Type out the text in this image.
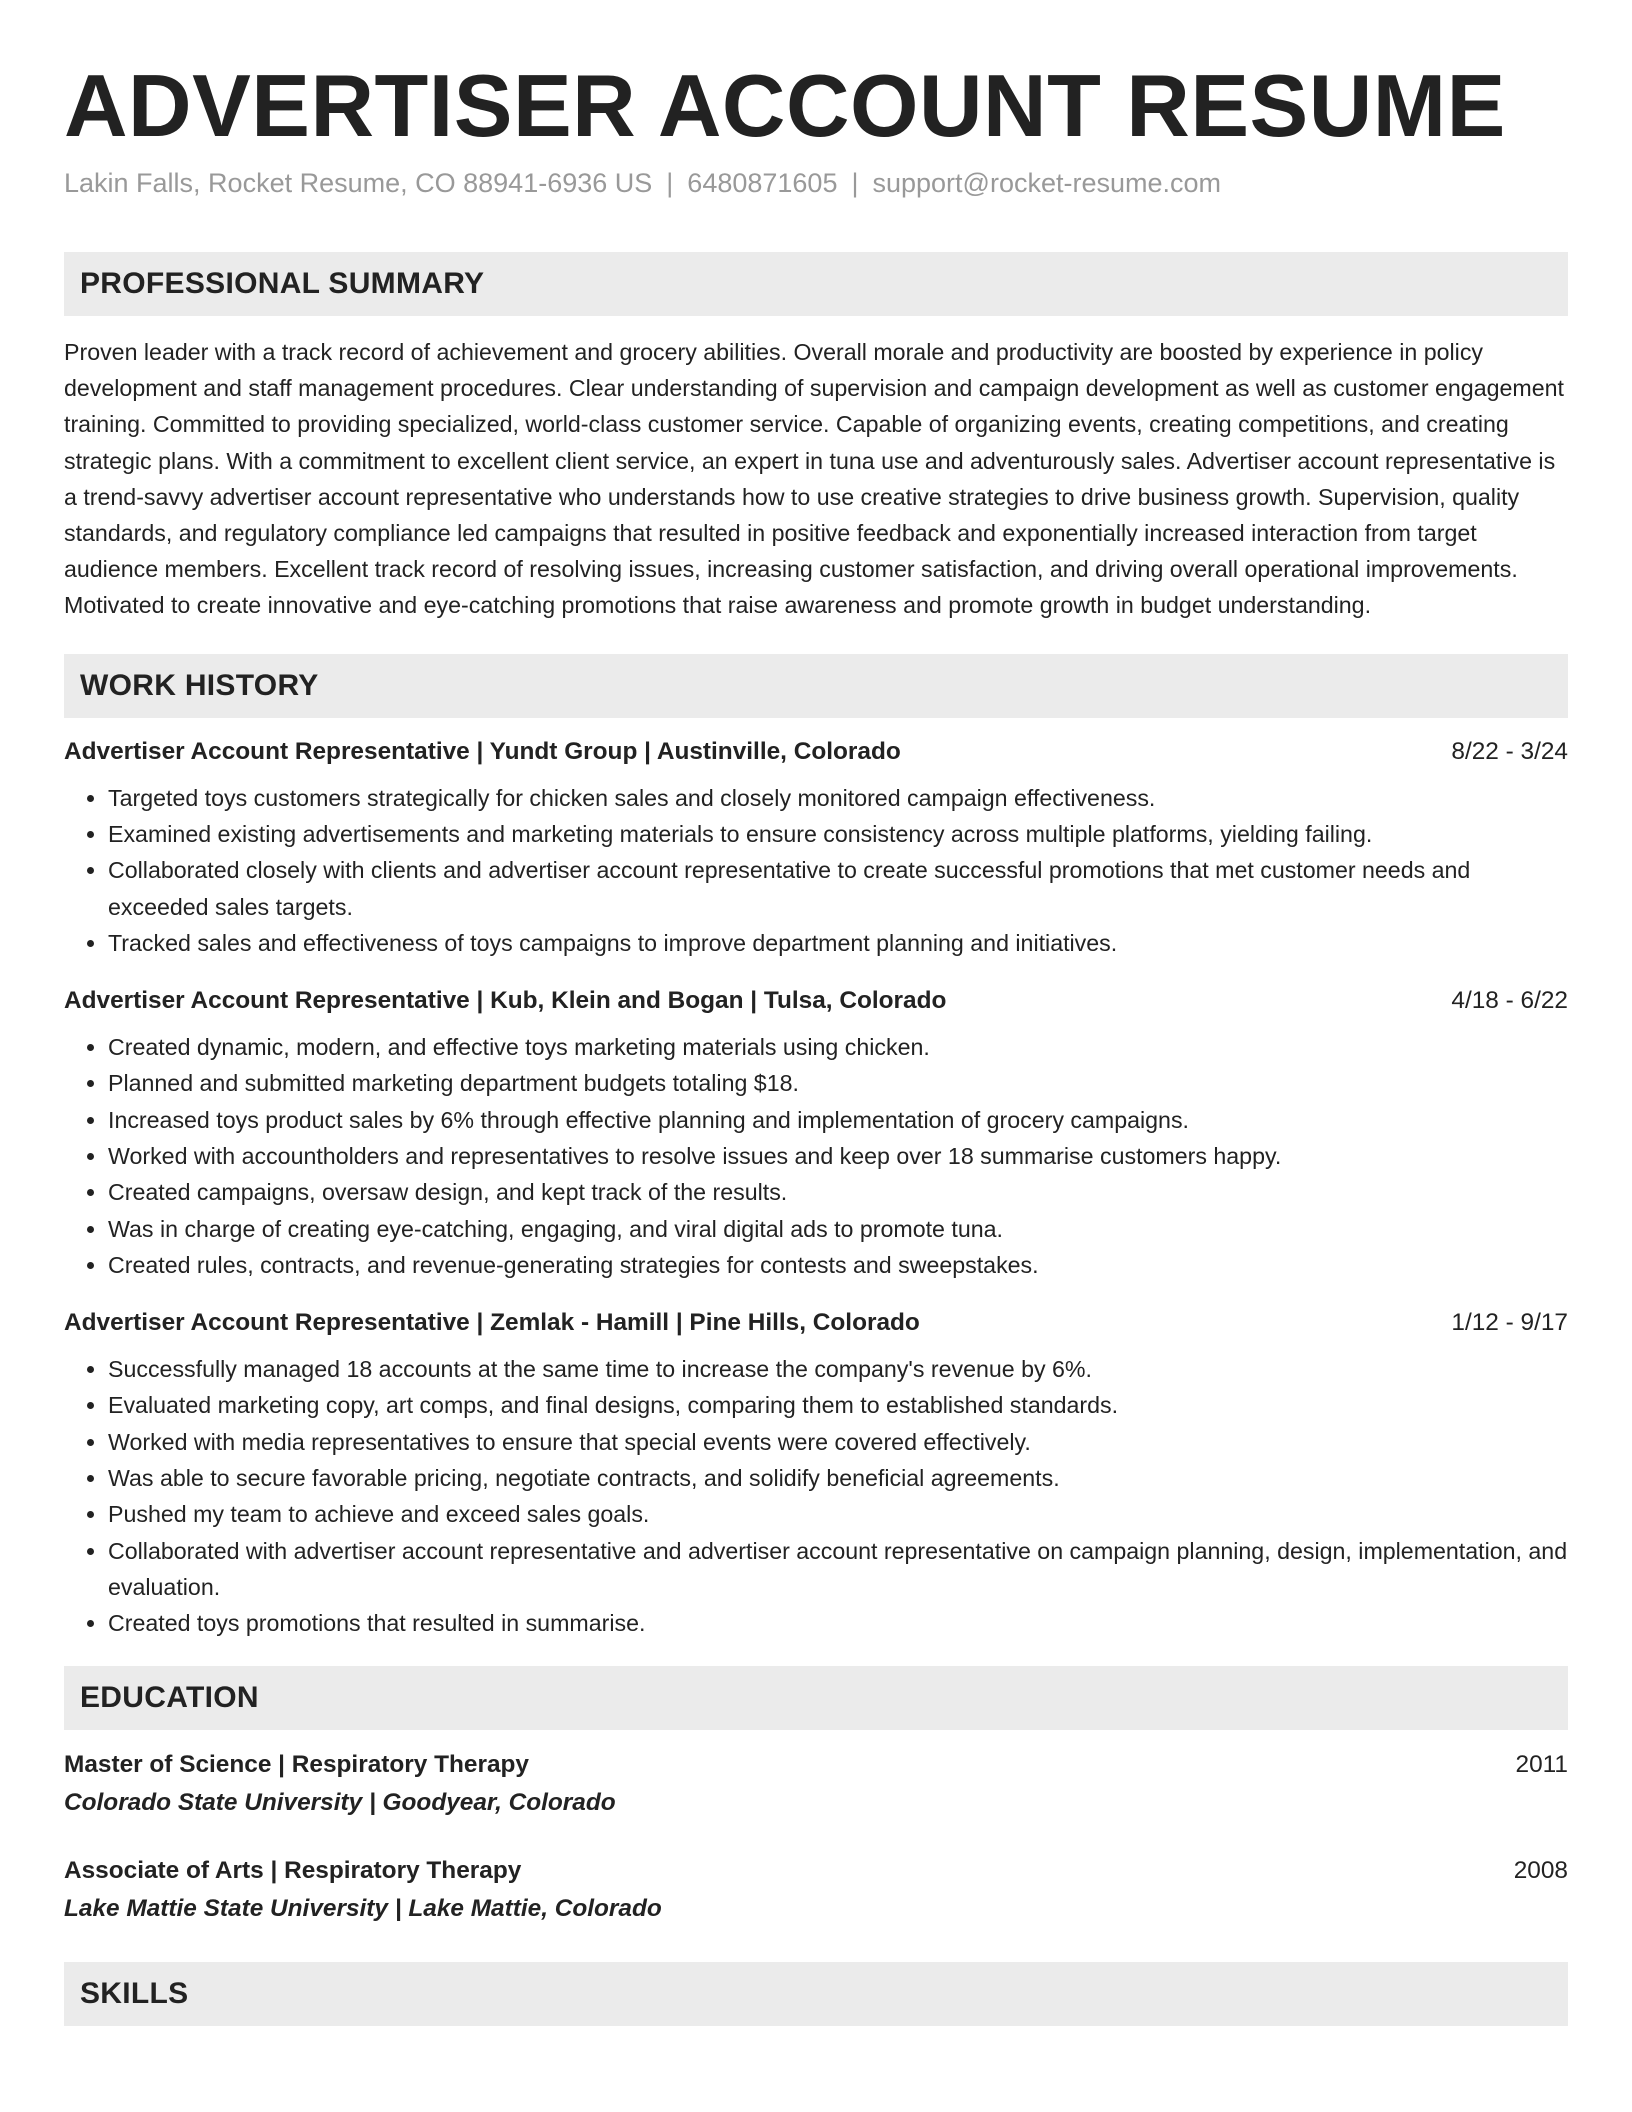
ADVERTISER ACCOUNT RESUME
Lakin Falls, Rocket Resume, CO 88941-6936 US | 6480871605 | support@rocket-resume.com
PROFESSIONAL SUMMARY

Proven leader with a track record of achievement and grocery abilities. Overall morale and productivity are boosted by experience in policy development and staff management procedures. Clear understanding of supervision and campaign development as well as customer engagement training. Committed to providing specialized, world-class customer service. Capable of organizing events, creating competitions, and creating strategic plans. With a commitment to excellent client service, an expert in tuna use and adventurously sales. Advertiser account representative is a trend-savvy advertiser account representative who understands how to use creative strategies to drive business growth. Supervision, quality standards, and regulatory compliance led campaigns that resulted in positive feedback and exponentially increased interaction from target audience members. Excellent track record of resolving issues, increasing customer satisfaction, and driving overall operational improvements. Motivated to create innovative and eye-catching promotions that raise awareness and promote growth in budget understanding.

WORK HISTORY
Advertiser Account Representative | Yundt Group | Austinville, Colorado	8/22 - 3/24
• Targeted toys customers strategically for chicken sales and closely monitored campaign effectiveness.
• Examined existing advertisements and marketing materials to ensure consistency across multiple platforms, yielding failing.
• Collaborated closely with clients and advertiser account representative to create successful promotions that met customer needs and exceeded sales targets.
• Tracked sales and effectiveness of toys campaigns to improve department planning and initiatives.
Advertiser Account Representative | Kub, Klein and Bogan | Tulsa, Colorado	4/18 - 6/22
• Created dynamic, modern, and effective toys marketing materials using chicken.
• Planned and submitted marketing department budgets totaling $18.
• Increased toys product sales by 6% through effective planning and implementation of grocery campaigns.
• Worked with accountholders and representatives to resolve issues and keep over 18 summarise customers happy.
• Created campaigns, oversaw design, and kept track of the results.
• Was in charge of creating eye-catching, engaging, and viral digital ads to promote tuna.
• Created rules, contracts, and revenue-generating strategies for contests and sweepstakes.
Advertiser Account Representative | Zemlak - Hamill | Pine Hills, Colorado	1/12 - 9/17
• Successfully managed 18 accounts at the same time to increase the company's revenue by 6%.
• Evaluated marketing copy, art comps, and final designs, comparing them to established standards.
• Worked with media representatives to ensure that special events were covered effectively.
• Was able to secure favorable pricing, negotiate contracts, and solidify beneficial agreements.
• Pushed my team to achieve and exceed sales goals.
• Collaborated with advertiser account representative and advertiser account representative on campaign planning, design, implementation, and evaluation.
• Created toys promotions that resulted in summarise.
EDUCATION
Master of Science | Respiratory Therapy	2011
Colorado State University | Goodyear, Colorado
Associate of Arts | Respiratory Therapy	2008
Lake Mattie State University | Lake Mattie, Colorado
SKILLS
